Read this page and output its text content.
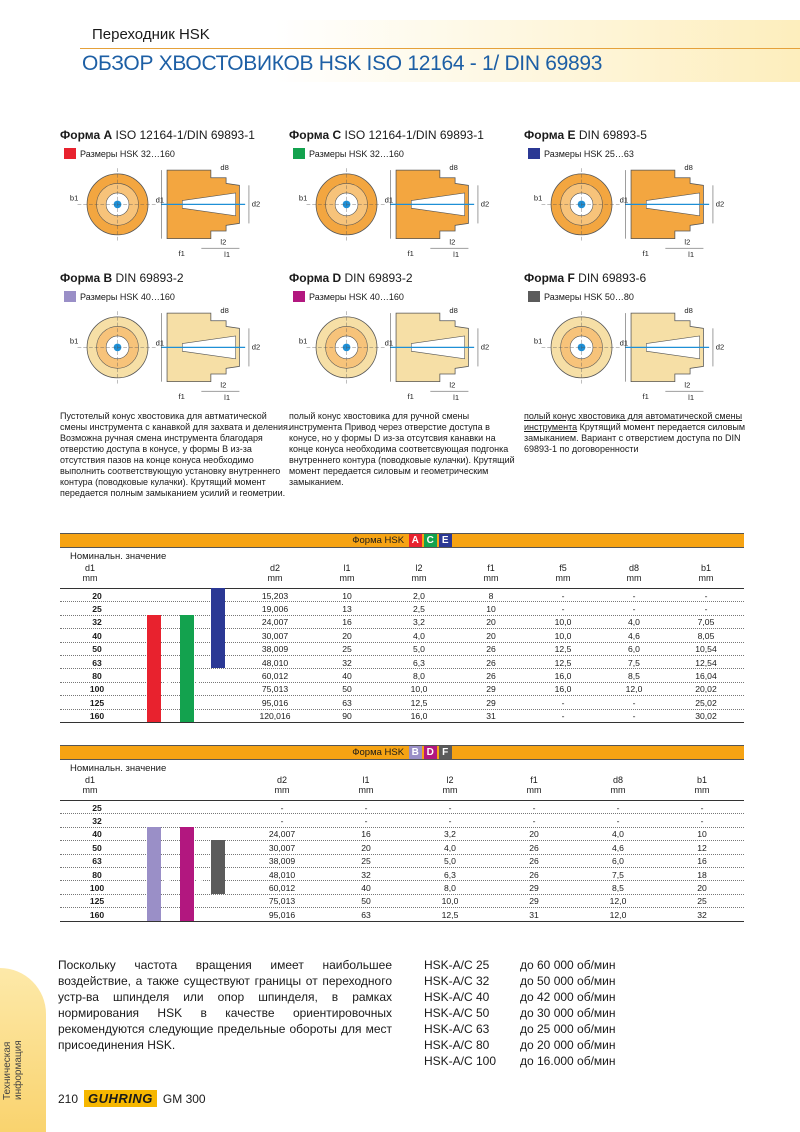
Переходник HSK
ОБЗОР ХВОСТОВИКОВ HSK ISO 12164 - 1/ DIN 69893
Форма A ISO 12164-1/DIN 69893-1
Размеры HSK 32…160
d8
d1	d2
b1
f1
l2
l1
Форма C ISO 12164-1/DIN 69893-1
Размеры HSK 32…160
d8
d1	d2
b1
f1
l2
l1
Форма E DIN 69893-5
Размеры HSK 25…63
d8
d1	d2
b1
f1
l2
l1
Форма B DIN 69893-2
Размеры HSK 40…160
d8
d1	d2
b1
f1
l2
l1
Форма D DIN 69893-2
Размеры HSK 40…160
d8
d1	d2
b1
f1
l2
l1
Форма F DIN 69893-6
Размеры HSK 50…80
d8
d1	d2
b1
f1
l2
l1
Пустотелый конус хвостовика для автматической смены инструмента с канавкой для захвата и деления. Возможна ручная смена инструмента благодаря отверстию доступа в конусе, у формы B из-за отсутствия пазов на конце конуса необходимо выполнить соответствующую установку внутреннего контура (поводковые кулачки). Крутящий момент передается полным замыканием усилий и геометрии.
полый конус хвостовика для ручной смены инструмента Привод через отверстие доступа в конусе, но у формы D из-за отсутсвия канавки на конце конуса необходима соответсвующая подгонка внутреннего контура (поводковые кулачки). Крутящий момент передается силовым и геометрическим замыканием.
полый конус хвостовика для автоматической смены инструмента Крутящий момент передается силовым замыканием. Вариант с отверстием доступа по DIN 69893-1 по договоренности
Форма HSK
A C E
Номинальн. значение
d1
mm
d2
mm
l1
mm
l2
mm
f1
mm
f5
mm
d8
mm
b1
mm
20	15,203	10	2,0	8	-	-	-
25	19,006	13	2,5	10	-	-	-
32	24,007	16	3,2	20	10,0	4,0	7,05
40	30,007	20	4,0	20	10,0	4,6	8,05
50	38,009	25	5,0	26	12,5	6,0	10,54
63	48,010	32	6,3	26	12,5	7,5	12,54
80	60,012	40	8,0	26	16,0	8,5	16,04
100	75,013	50	10,0	29	16,0	12,0	20,02
125	95,016	63	12,5	29	-	-	25,02
160	120,016	90	16,0	31	-	-	30,02
A C
E
Форма HSK
B D F
Номинальн. значение
d1
mm
d2
mm
l1
mm
l2
mm
f1
mm
d8
mm
b1
mm
25	-	-	-	-	-	-
32	-	-	-	-	-	-
40	24,007	16	3,2	20	4,0	10
50	30,007	20	4,0	26	4,6	12
63	38,009	25	5,0	26	6,0	16
80	48,010	32	6,3	26	7,5	18
100	60,012	40	8,0	29	8,5	20
125	75,013	50	10,0	29	12,0	25
160	95,016	63	12,5	31	12,0	32
B D
F
Поскольку частота вращения имеет наибольшее воздействие, а также существуют границы от переходного устр-ва шпинделя или опор шпинделя, в рамках нормирования HSK в качестве ориентировочных рекомендуются следующие предельные обороты для мест присоединения HSK.
HSK-A/C 25	до 60 000 об/мин
HSK-A/C 32	до 50 000 об/мин
HSK-A/C 40	до 42 000 об/мин
HSK-A/C 50	до 30 000 об/мин
HSK-A/C 63	до 25 000 об/мин
HSK-A/C 80	до 20 000 об/мин
HSK-A/C 100	до 16.000 об/мин
Техническая информация	210 GUHRING GM 300
